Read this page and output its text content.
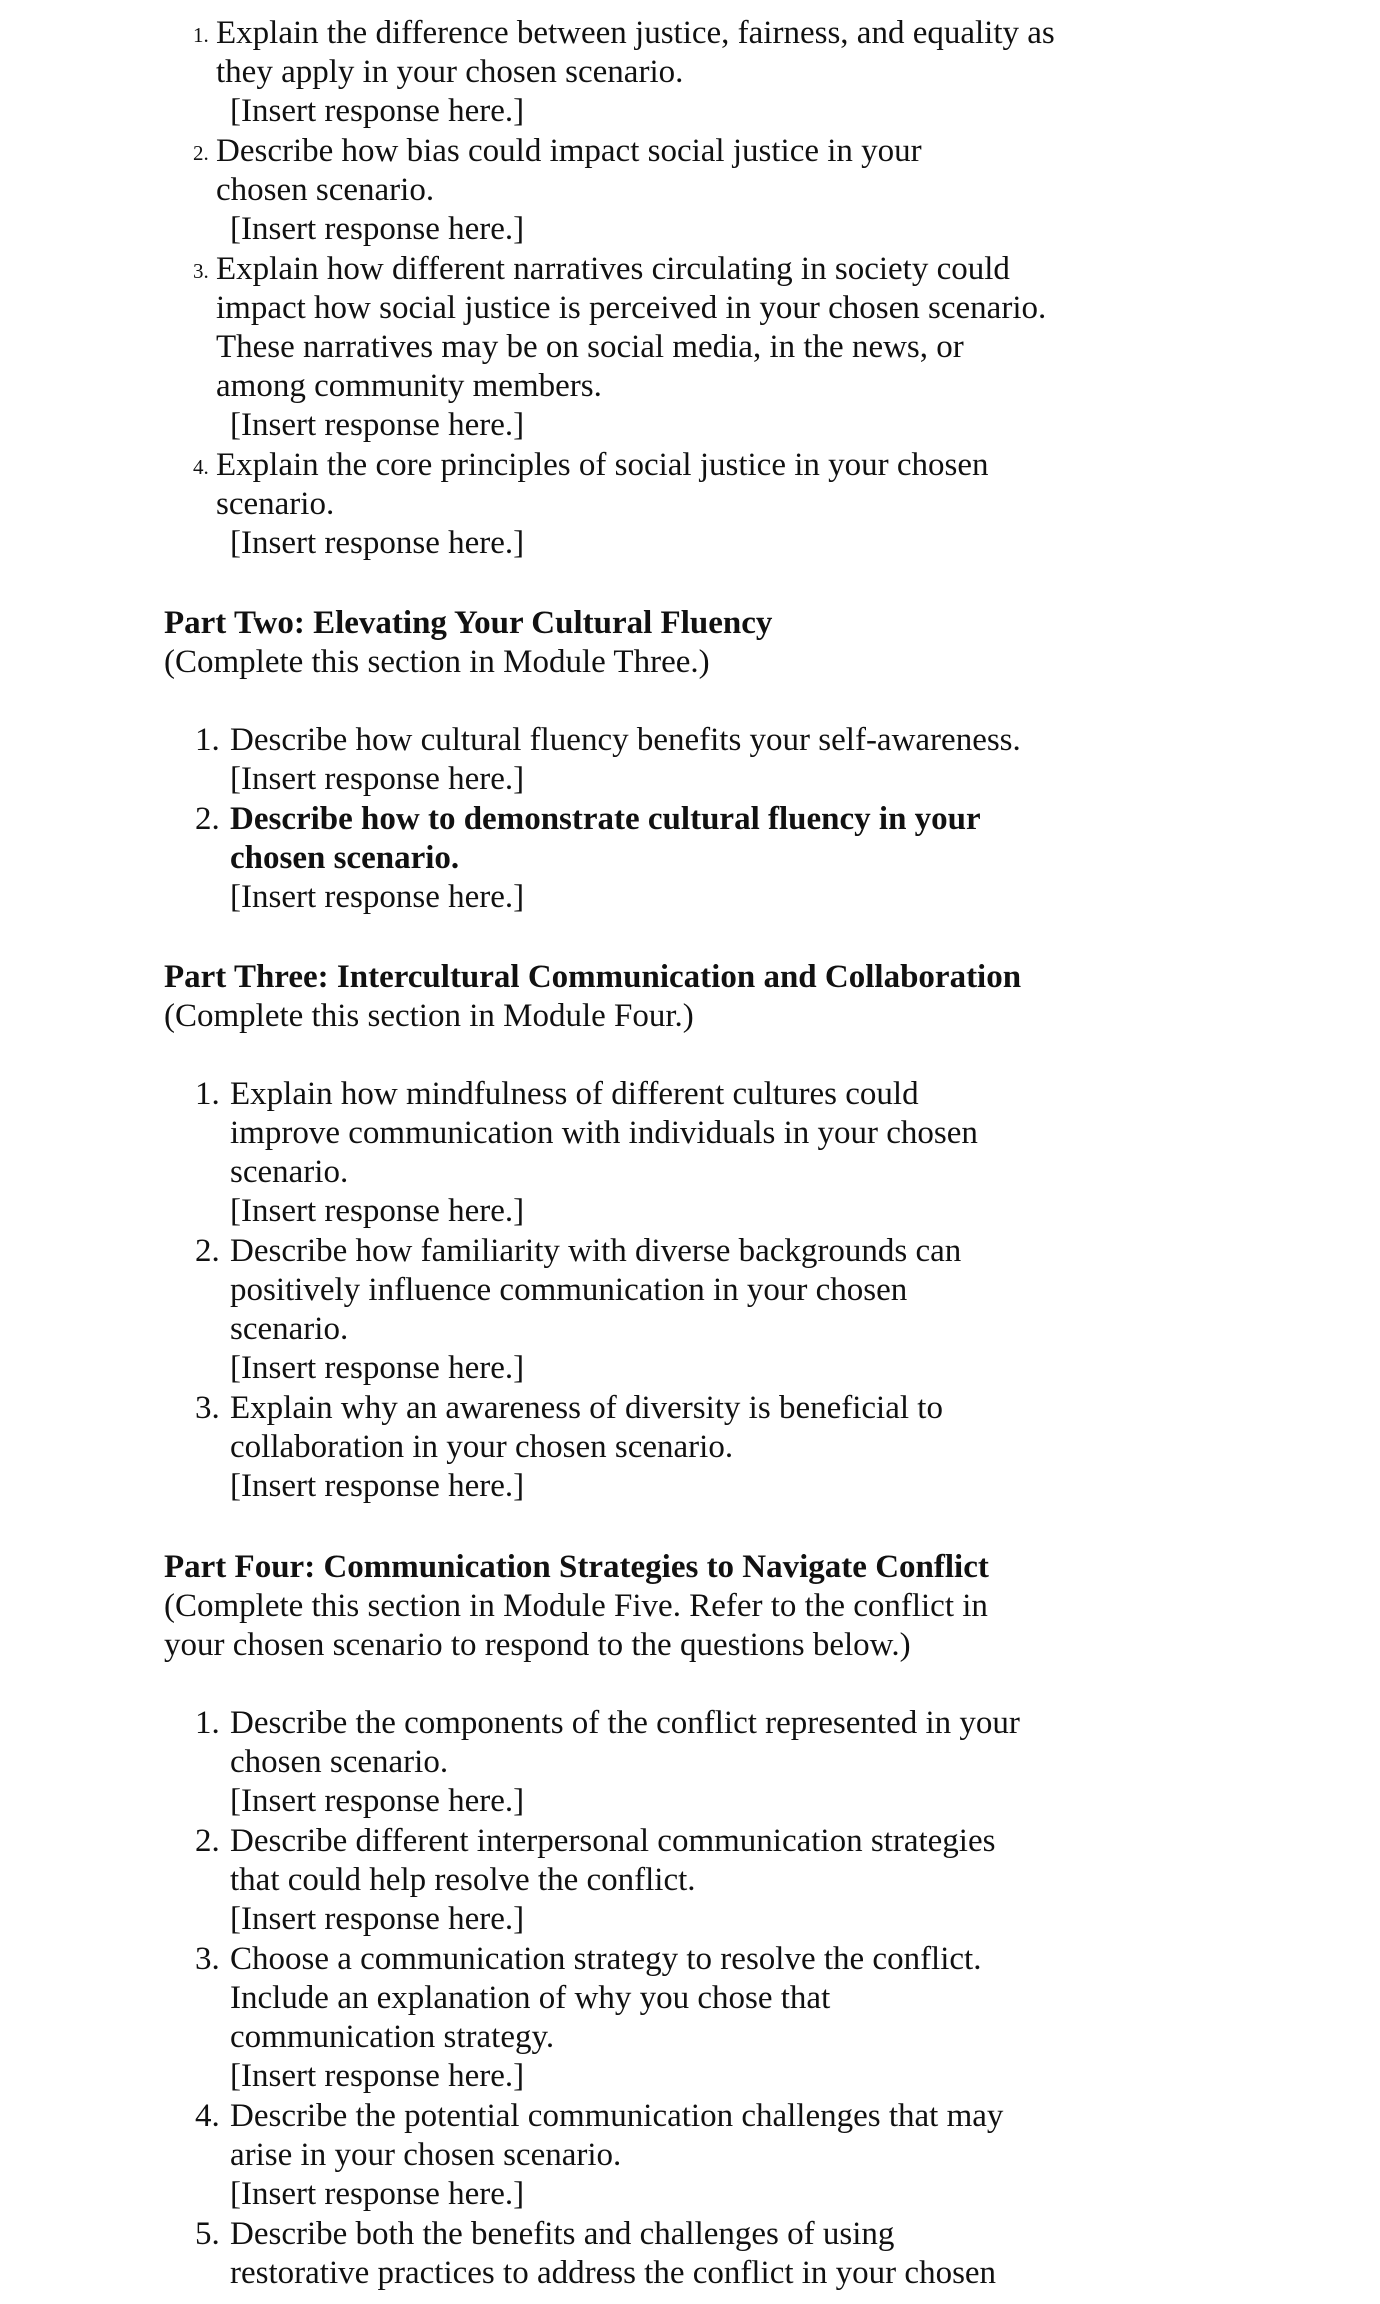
1. Explain the difference between justice, fairness, and equality as they apply in your chosen scenario.
[Insert response here.]
2. Describe how bias could impact social justice in your chosen scenario.
[Insert response here.]
3. Explain how different narratives circulating in society could impact how social justice is perceived in your chosen scenario. These narratives may be on social media, in the news, or among community members.
[Insert response here.]
4. Explain the core principles of social justice in your chosen scenario.
[Insert response here.]
Part Two: Elevating Your Cultural Fluency
(Complete this section in Module Three.)
1. Describe how cultural fluency benefits your self-awareness.
[Insert response here.]
2. Describe how to demonstrate cultural fluency in your chosen scenario.
[Insert response here.]
Part Three: Intercultural Communication and Collaboration
(Complete this section in Module Four.)
1. Explain how mindfulness of different cultures could improve communication with individuals in your chosen scenario.
[Insert response here.]
2. Describe how familiarity with diverse backgrounds can positively influence communication in your chosen scenario.
[Insert response here.]
3. Explain why an awareness of diversity is beneficial to collaboration in your chosen scenario.
[Insert response here.]
Part Four: Communication Strategies to Navigate Conflict
(Complete this section in Module Five. Refer to the conflict in your chosen scenario to respond to the questions below.)
1. Describe the components of the conflict represented in your chosen scenario.
[Insert response here.]
2. Describe different interpersonal communication strategies that could help resolve the conflict.
[Insert response here.]
3. Choose a communication strategy to resolve the conflict. Include an explanation of why you chose that communication strategy.
[Insert response here.]
4. Describe the potential communication challenges that may arise in your chosen scenario.
[Insert response here.]
5. Describe both the benefits and challenges of using restorative practices to address the conflict in your chosen
